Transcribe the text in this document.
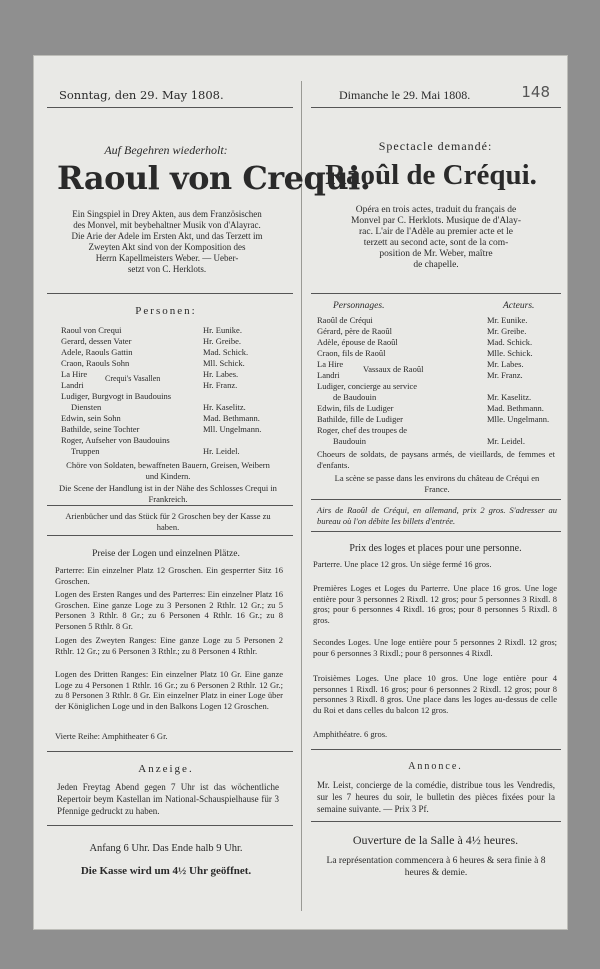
148
Sonntag, den 29. May 1808.
Auf Begehren wiederholt:
Raoul von Crequi.
Ein Singspiel in Drey Akten, aus dem Französischen
des Monvel, mit beybehaltner Musik von d'Alayrac.
Die Arie der Adele im Ersten Akt, und das Terzett im
Zweyten Akt sind von der Komposition des
Herrn Kapellmeisters Weber. — Ueber-
setzt von C. Herklots.
Personen:
Raoul von Crequi	Hr. Eunike.
Gerard, dessen Vater	Hr. Greibe.
Adele, Raouls Gattin	Mad. Schick.
Craon, Raouls Sohn	Mll. Schick.
La Hire	Hr. Labes.
Landri	Hr. Franz.
Crequi's Vasallen
Ludiger, Burgvogt in Baudouins
Diensten	Hr. Kaselitz.
Edwin, sein Sohn	Mad. Bethmann.
Bathilde, seine Tochter	Mll. Ungelmann.
Roger, Aufseher von Baudouins
Truppen	Hr. Leidel.
Chöre von Soldaten, bewaffneten Bauern, Greisen, Weibern und Kindern.
Die Scene der Handlung ist in der Nähe des Schlosses Crequi in Frankreich.
Arienbücher und das Stück für 2 Groschen bey der Kasse zu haben.
Preise der Logen und einzelnen Plätze.
Parterre: Ein einzelner Platz 12 Groschen. Ein gesperrter Sitz 16 Groschen.
Logen des Ersten Ranges und des Parterres: Ein einzelner Platz 16 Groschen. Eine ganze Loge zu 3 Personen 2 Rthlr. 12 Gr.; zu 5 Personen 3 Rthlr. 8 Gr.; zu 6 Personen 4 Rthlr. 16 Gr.; zu 8 Personen 5 Rthlr. 8 Gr.
Logen des Zweyten Ranges: Eine ganze Loge zu 5 Personen 2 Rthlr. 12 Gr.; zu 6 Personen 3 Rthlr.; zu 8 Personen 4 Rthlr.
Logen des Dritten Ranges: Ein einzelner Platz 10 Gr. Eine ganze Loge zu 4 Personen 1 Rthlr. 16 Gr.; zu 6 Personen 2 Rthlr. 12 Gr.; zu 8 Personen 3 Rthlr. 8 Gr. Ein einzelner Platz in einer Loge über der Königlichen Loge und in den Balkons Logen 12 Groschen.
Vierte Reihe: Amphitheater 6 Gr.
Anzeige.
Jeden Freytag Abend gegen 7 Uhr ist das wöchentliche Repertoir beym Kastellan im National-Schauspielhause für 3 Pfennige gedruckt zu haben.
Anfang 6 Uhr. Das Ende halb 9 Uhr.
Die Kasse wird um 4½ Uhr geöffnet.
Dimanche le 29. Mai 1808.
Spectacle demandé:
Raoûl de Créqui.
Opéra en trois actes, traduit du français de
Monvel par C. Herklots. Musique de d'Alay-
rac. L'air de l'Adèle au premier acte et le
terzett au second acte, sont de la com-
position de Mr. Weber, maître
de chapelle.
Personnages.	Acteurs.
Raoûl de Créqui	Mr. Eunike.
Gérard, père de Raoûl	Mr. Greibe.
Adèle, épouse de Raoûl	Mad. Schick.
Craon, fils de Raoûl	Mlle. Schick.
La Hire	Mr. Labes.
Landri	Mr. Franz.
Vassaux de Raoûl
Ludiger, concierge au service
de Baudouin	Mr. Kaselitz.
Edwin, fils de Ludiger	Mad. Bethmann.
Bathilde, fille de Ludiger	Mlle. Ungelmann.
Roger, chef des troupes de
Baudouin	Mr. Leidel.
Choeurs de soldats, de paysans armés, de vieillards, de femmes et d'enfants.
La scène se passe dans les environs du château de Créqui en France.
Airs de Raoûl de Créqui, en allemand, prix 2 gros. S'adresser au bureau où l'on débite les billets d'entrée.
Prix des loges et places pour une personne.
Parterre. Une place 12 gros. Un siège fermé 16 gros.
Premières Loges et Loges du Parterre. Une place 16 gros. Une loge entière pour 3 personnes 2 Rixdl. 12 gros; pour 5 personnes 3 Rixdl. 8 gros; pour 6 personnes 4 Rixdl. 16 gros; pour 8 personnes 5 Rixdl. 8 gros.
Secondes Loges. Une loge entière pour 5 personnes 2 Rixdl. 12 gros; pour 6 personnes 3 Rixdl.; pour 8 personnes 4 Rixdl.
Troisièmes Loges. Une place 10 gros. Une loge entière pour 4 personnes 1 Rixdl. 16 gros; pour 6 personnes 2 Rixdl. 12 gros; pour 8 personnes 3 Rixdl. 8 gros. Une place dans les loges au-dessus de celle du Roi et dans celles du balcon 12 gros.
Amphithéatre. 6 gros.
Annonce.
Mr. Leist, concierge de la comédie, distribue tous les Vendredis, sur les 7 heures du soir, le bulletin des pièces fixées pour la semaine suivante. — Prix 3 Pf.
Ouverture de la Salle à 4½ heures.
La représentation commencera à 6 heures & sera finie à 8 heures & demie.
